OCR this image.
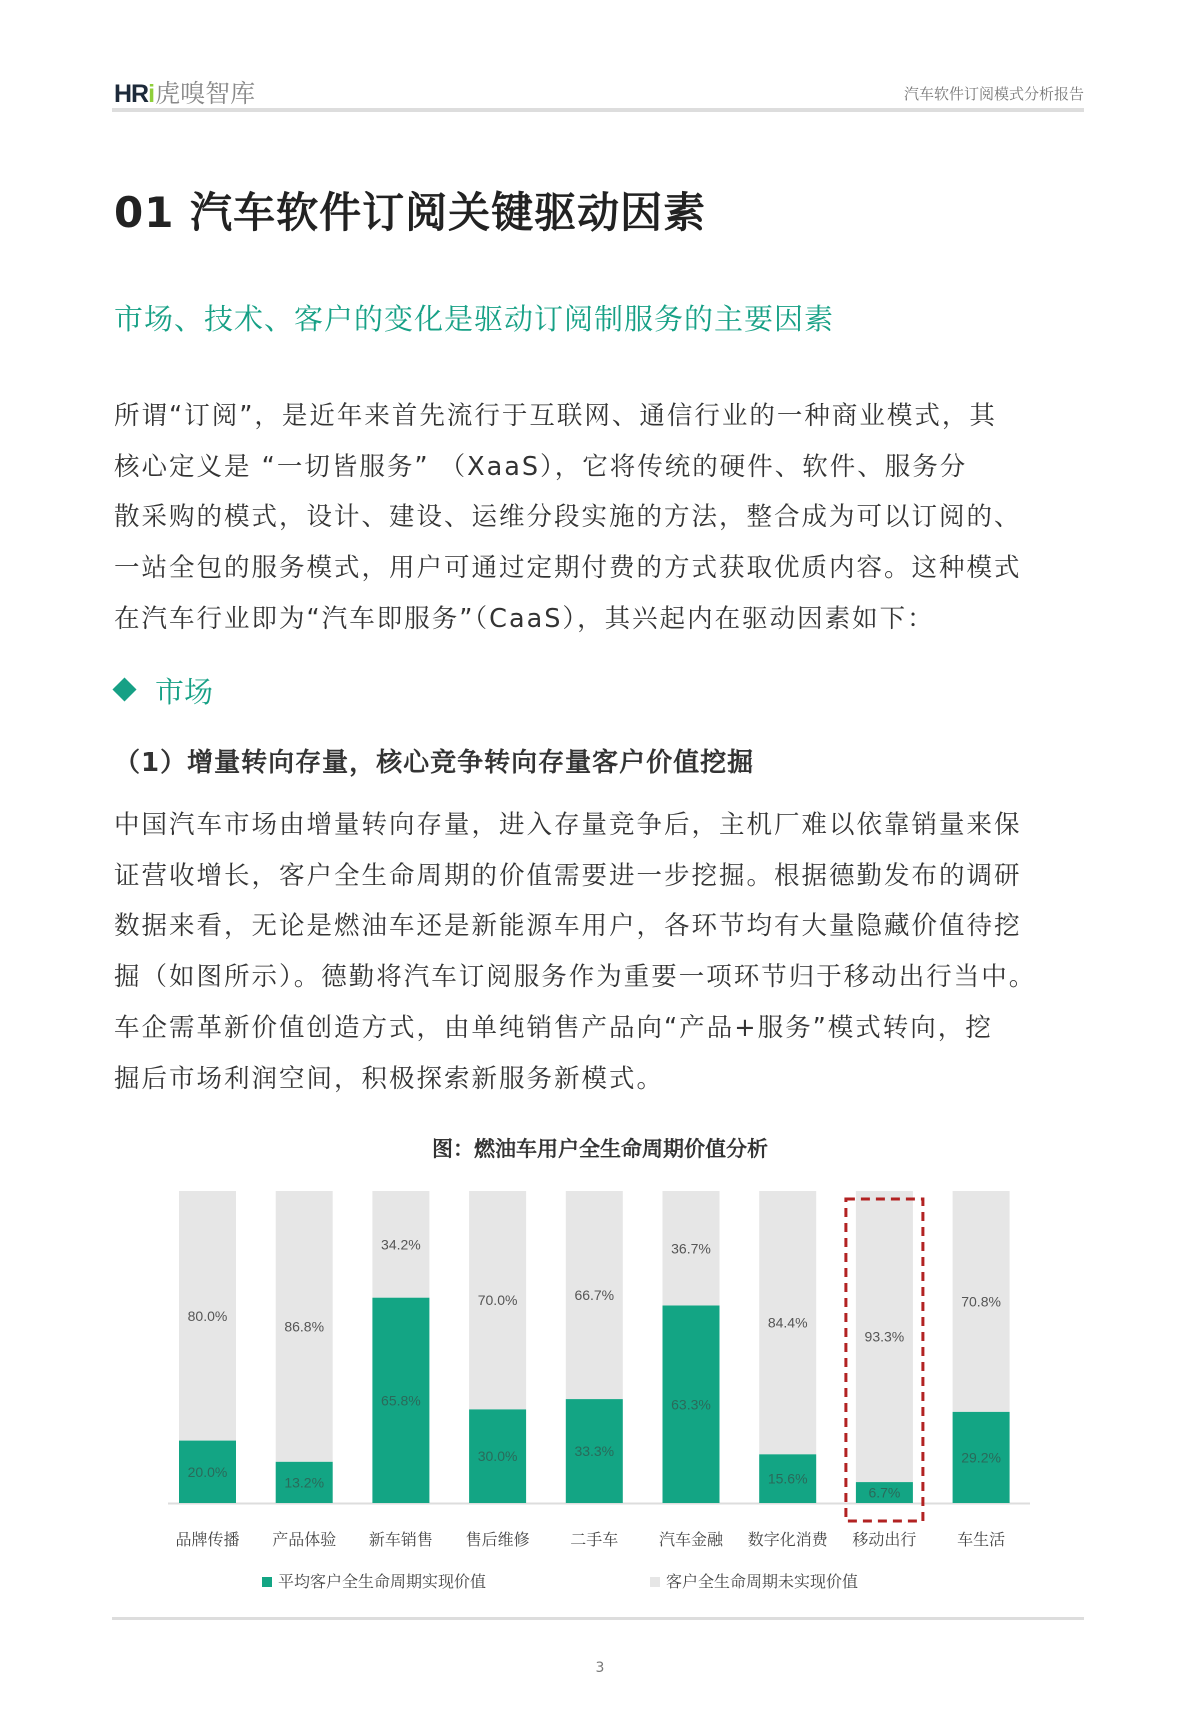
HRi虎嗅智库	汽车软件订阅模式分析报告
01 汽车软件订阅关键驱动因素
市场、技术、客户的变化是驱动订阅制服务的主要因素
所谓“订阅”，是近年来首先流行于互联网、通信行业的一种商业模式，其
核心定义是 “一切皆服务” （XaaS），它将传统的硬件、软件、服务分
散采购的模式，设计、建设、运维分段实施的方法，整合成为可以订阅的、
一站全包的服务模式，用户可通过定期付费的方式获取优质内容。这种模式
在汽车行业即为“汽车即服务”（CaaS），其兴起内在驱动因素如下：
市场
（1）增量转向存量，核心竞争转向存量客户价值挖掘
中国汽车市场由增量转向存量，进入存量竞争后，主机厂难以依靠销量来保
证营收增长，客户全生命周期的价值需要进一步挖掘。根据德勤发布的调研
数据来看，无论是燃油车还是新能源车用户，各环节均有大量隐藏价值待挖
掘（如图所示）。德勤将汽车订阅服务作为重要一项环节归于移动出行当中。
车企需革新价值创造方式，由单纯销售产品向“产品+服务”模式转向，挖
掘后市场利润空间，积极探索新服务新模式。
图：燃油车用户全生命周期价值分析
80.0%
20.0%
品牌传播
86.8%
13.2%
产品体验
34.2%
65.8%
新车销售
70.0%
30.0%
售后维修
66.7%
33.3%
二手车
36.7%
63.3%
汽车金融
84.4%
15.6%
数字化消费
93.3%
6.7%
移动出行
70.8%
29.2%
车生活
平均客户全生命周期实现价值	客户全生命周期未实现价值
3
